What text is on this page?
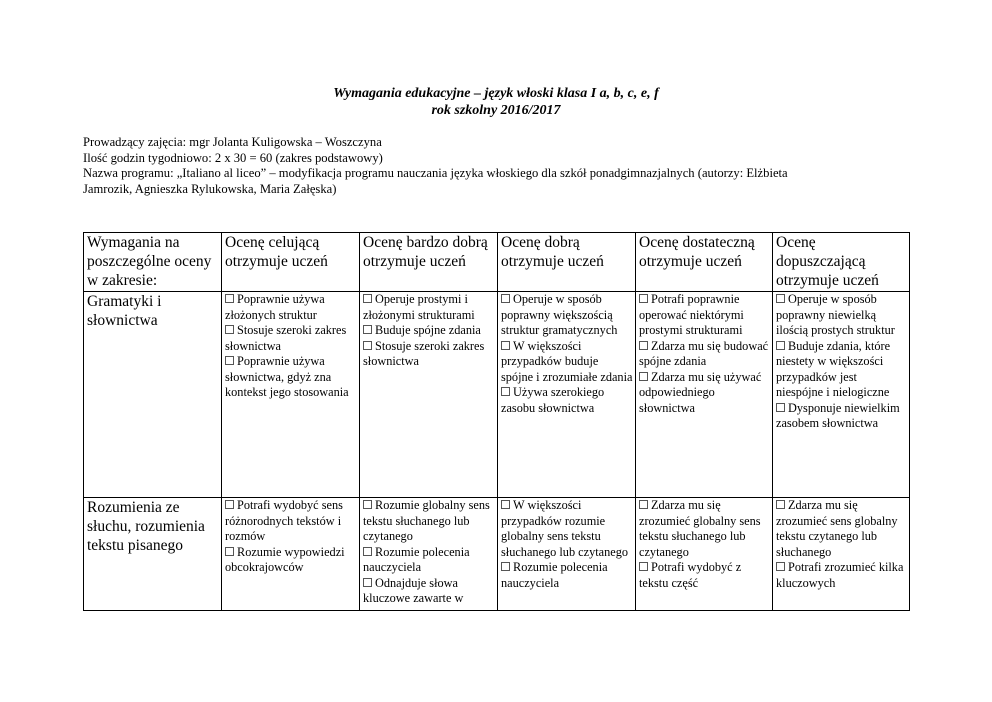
Wymagania edukacyjne – język włoski klasa I a, b, c, e, f
rok szkolny 2016/2017
Prowadzący zajęcia: mgr Jolanta Kuligowska – Woszczyna
Ilość godzin tygodniowo: 2 x 30 = 60 (zakres podstawowy)
Nazwa programu: „Italiano al liceo” – modyfikacja programu nauczania języka włoskiego dla szkół ponadgimnazjalnych (autorzy: Elżbieta
Jamrozik, Agnieszka Rylukowska, Maria Załęska)
Wymagania na poszczególne oceny w zakresie:	Ocenę celującą otrzymuje uczeń	Ocenę bardzo dobrą otrzymuje uczeń	Ocenę dobrą otrzymuje uczeń	Ocenę dostateczną otrzymuje uczeń	Ocenę dopuszczającą otrzymuje uczeń
Gramatyki i słownictwa	Poprawnie używa złożonych struktur
Stosuje szeroki zakres słownictwa
Poprawnie używa słownictwa, gdyż zna kontekst jego stosowania	Operuje prostymi i złożonymi strukturami
Buduje spójne zdania
Stosuje szeroki zakres słownictwa	Operuje w sposób poprawny większością struktur gramatycznych
W większości przypadków buduje spójne i zrozumiałe zdania
Używa szerokiego zasobu słownictwa	Potrafi poprawnie operować niektórymi prostymi strukturami
Zdarza mu się budować spójne zdania
Zdarza mu się używać odpowiedniego słownictwa	Operuje w sposób poprawny niewielką ilością prostych struktur
Buduje zdania, które niestety w większości przypadków jest niespójne i nielogiczne
Dysponuje niewielkim zasobem słownictwa

Rozumienia ze słuchu, rozumienia tekstu pisanego	Potrafi wydobyć sens różnorodnych tekstów i rozmów
Rozumie wypowiedzi obcokrajowców	Rozumie globalny sens tekstu słuchanego lub czytanego
Rozumie polecenia nauczyciela
Odnajduje słowa kluczowe zawarte w	W większości przypadków rozumie globalny sens tekstu słuchanego lub czytanego
Rozumie polecenia nauczyciela	Zdarza mu się zrozumieć globalny sens tekstu słuchanego lub czytanego
Potrafi wydobyć z tekstu część	Zdarza mu się zrozumieć sens globalny tekstu czytanego lub słuchanego
Potrafi zrozumieć kilka kluczowych
